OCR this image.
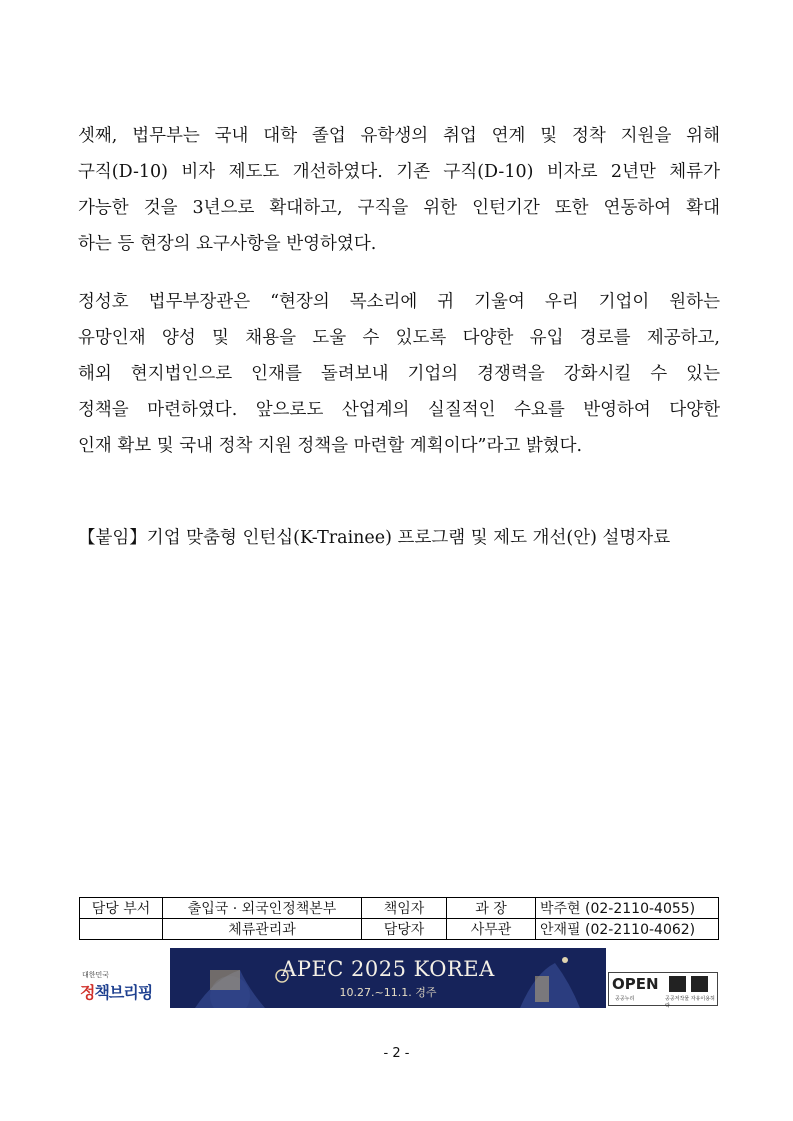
셋째, 법무부는 국내 대학 졸업 유학생의 취업 연계 및 정착 지원을 위해
구직(D-10) 비자 제도도 개선하였다. 기존 구직(D-10) 비자로 2년만 체류가
가능한 것을 3년으로 확대하고, 구직을 위한 인턴기간 또한 연동하여 확대
하는 등 현장의 요구사항을 반영하였다.
정성호 법무부장관은 “현장의 목소리에 귀 기울여 우리 기업이 원하는
유망인재 양성 및 채용을 도울 수 있도록 다양한 유입 경로를 제공하고,
해외 현지법인으로 인재를 돌려보내 기업의 경쟁력을 강화시킬 수 있는
정책을 마련하였다. 앞으로도 산업계의 실질적인 수요를 반영하여 다양한
인재 확보 및 국내 정착 지원 정책을 마련할 계획이다”라고 밝혔다.
【붙임】기업 맞춤형 인턴십(K-Trainee) 프로그램 및 제도 개선(안) 설명자료
담당 부서	출입국 · 외국인정책본부	책임자	과 장	박주현 (02-2110-4055)
	체류관리과	담당자	사무관	안재필 (02-2110-4062)
대한민국
정책브리핑
APEC 2025 KOREA
10.27.~11.1. 경주	OPEN
공공누리	공공저작물 자유이용허락
- 2 -
